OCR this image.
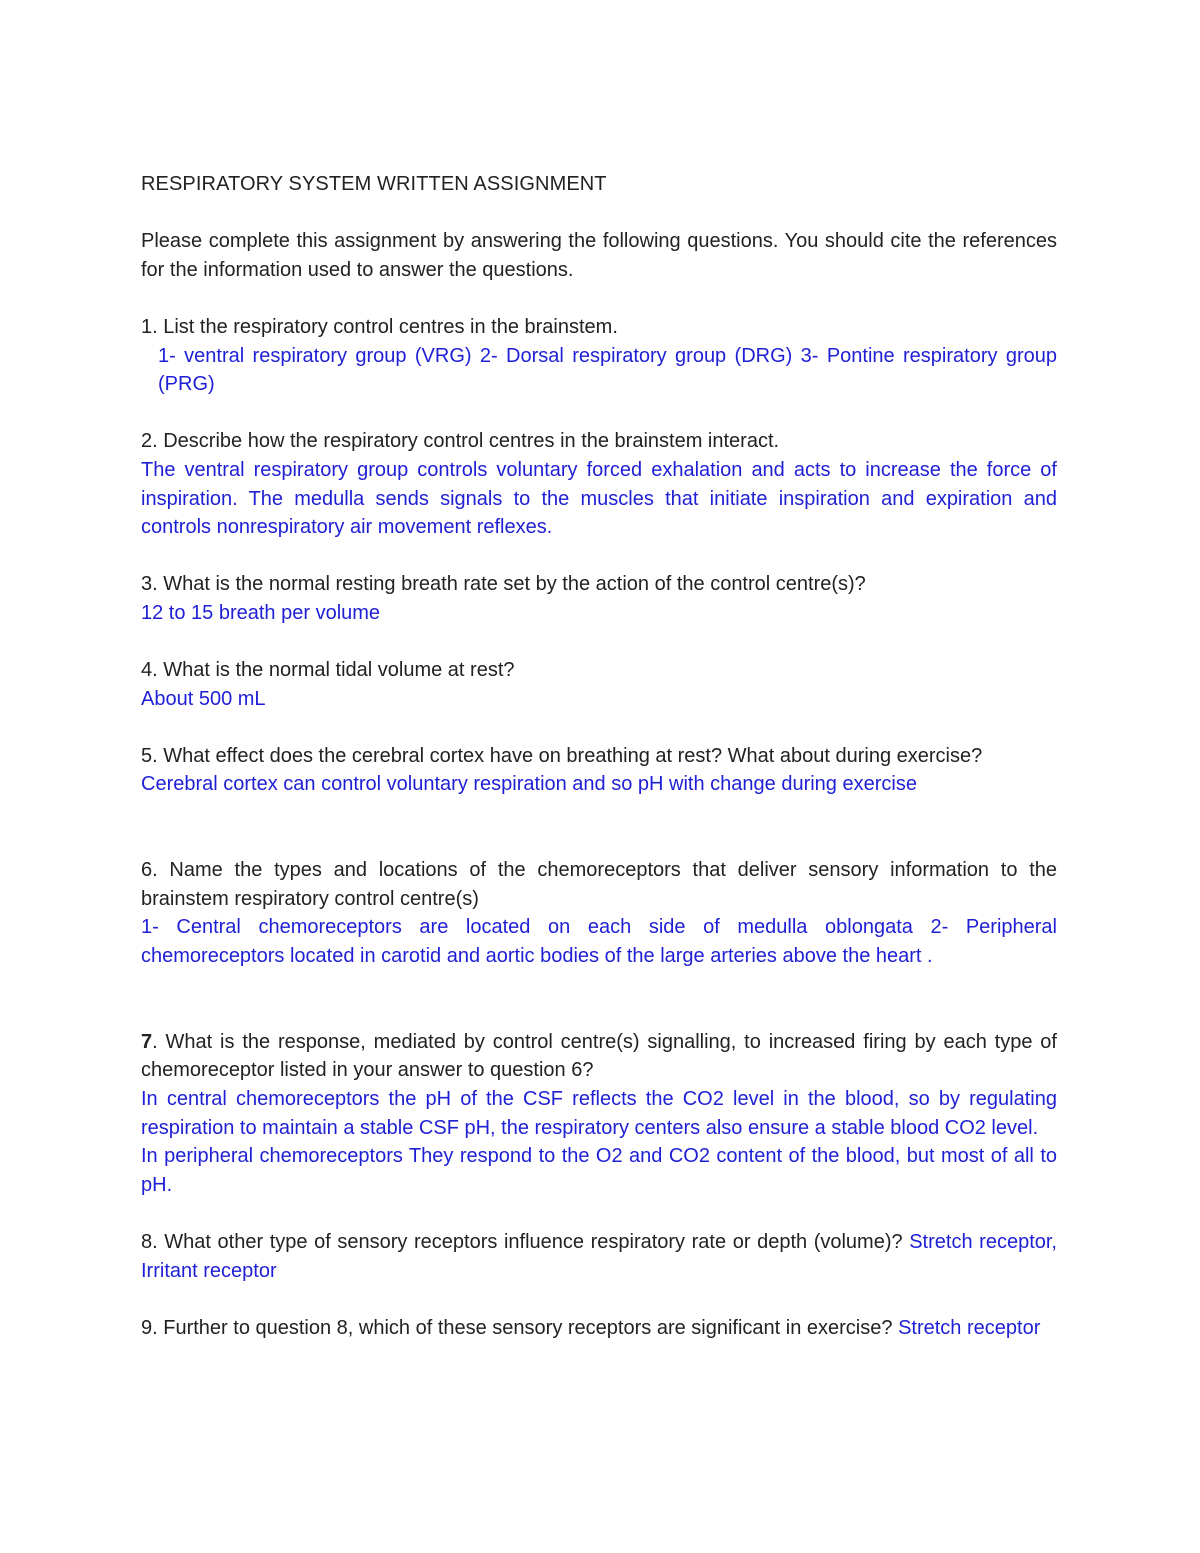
RESPIRATORY SYSTEM WRITTEN ASSIGNMENT

Please complete this assignment by answering the following questions. You should cite the references for the information used to answer the questions.

1. List the respiratory control centres in the brainstem.

1- ventral respiratory group (VRG) 2- Dorsal respiratory group (DRG) 3- Pontine respiratory group (PRG)

2. Describe how the respiratory control centres in the brainstem interact.

The ventral respiratory group controls voluntary forced exhalation and acts to increase the force of inspiration. The medulla sends signals to the muscles that initiate inspiration and expiration and controls nonrespiratory air movement reflexes.

3. What is the normal resting breath rate set by the action of the control centre(s)?

12 to 15 breath per volume

4. What is the normal tidal volume at rest?

About 500 mL

5. What effect does the cerebral cortex have on breathing at rest? What about during exercise?

Cerebral cortex can control voluntary respiration and so pH with change during exercise

6. Name the types and locations of the chemoreceptors that deliver sensory information to the brainstem respiratory control centre(s)

1- Central chemoreceptors are located on each side of medulla oblongata 2- Peripheral chemoreceptors located in carotid and aortic bodies of the large arteries above the heart .

7. What is the response, mediated by control centre(s) signalling, to increased firing by each type of chemoreceptor listed in your answer to question 6?

In central chemoreceptors the pH of the CSF reflects the CO2 level in the blood, so by regulating respiration to maintain a stable CSF pH, the respiratory centers also ensure a stable blood CO2 level.

In peripheral chemoreceptors They respond to the O2 and CO2 content of the blood, but most of all to pH.

8. What other type of sensory receptors influence respiratory rate or depth (volume)? Stretch receptor, Irritant receptor

9. Further to question 8, which of these sensory receptors are significant in exercise? Stretch receptor
